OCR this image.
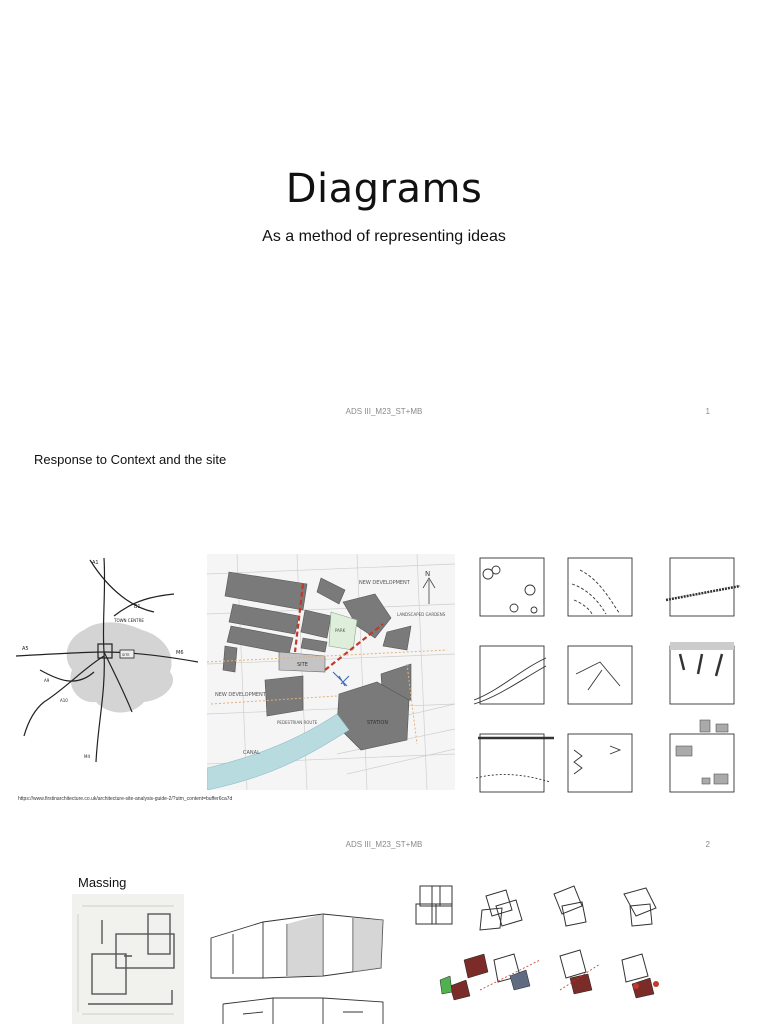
Diagrams
As a method of representing ideas
ADS III_M23_ST+MB	1
Response to Context and the site
TOWN CENTRE
SITE
A1
B1
A5
M6
A9
A10
M4
N
NEW DEVELOPMENT
NEW DEVELOPMENT
CANAL
STATION
SITE
LANDSCAPED GARDENS
PARK
PEDESTRIAN ROUTE
https://www.firstinarchitecture.co.uk/architecture-site-analysis-guide-2/?utm_content=buffer6ca7d
ADS III_M23_ST+MB	2
Massing
